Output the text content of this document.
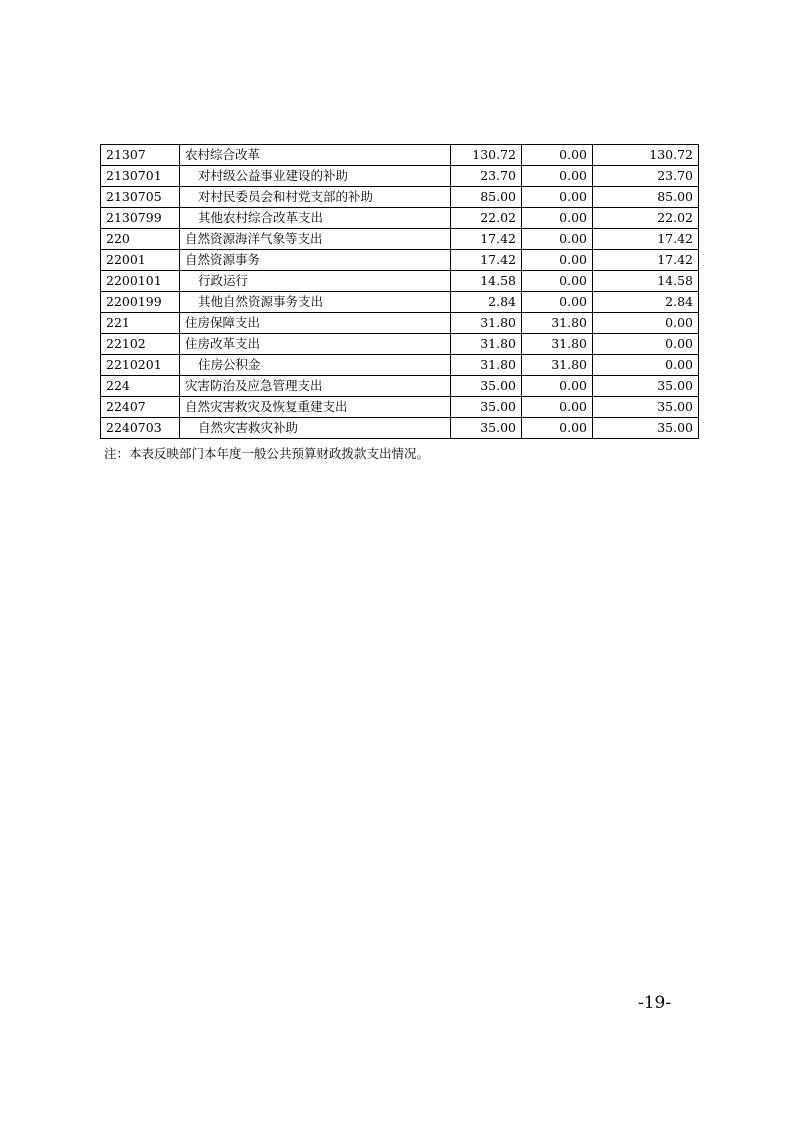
21307	农村综合改革	130.72	0.00	130.72
2130701	对村级公益事业建设的补助	23.70	0.00	23.70
2130705	对村民委员会和村党支部的补助	85.00	0.00	85.00
2130799	其他农村综合改革支出	22.02	0.00	22.02
220	自然资源海洋气象等支出	17.42	0.00	17.42
22001	自然资源事务	17.42	0.00	17.42
2200101	行政运行	14.58	0.00	14.58
2200199	其他自然资源事务支出	2.84	0.00	2.84
221	住房保障支出	31.80	31.80	0.00
22102	住房改革支出	31.80	31.80	0.00
2210201	住房公积金	31.80	31.80	0.00
224	灾害防治及应急管理支出	35.00	0.00	35.00
22407	自然灾害救灾及恢复重建支出	35.00	0.00	35.00
2240703	自然灾害救灾补助	35.00	0.00	35.00
注：本表反映部门本年度一般公共预算财政拨款支出情况。
-19-
